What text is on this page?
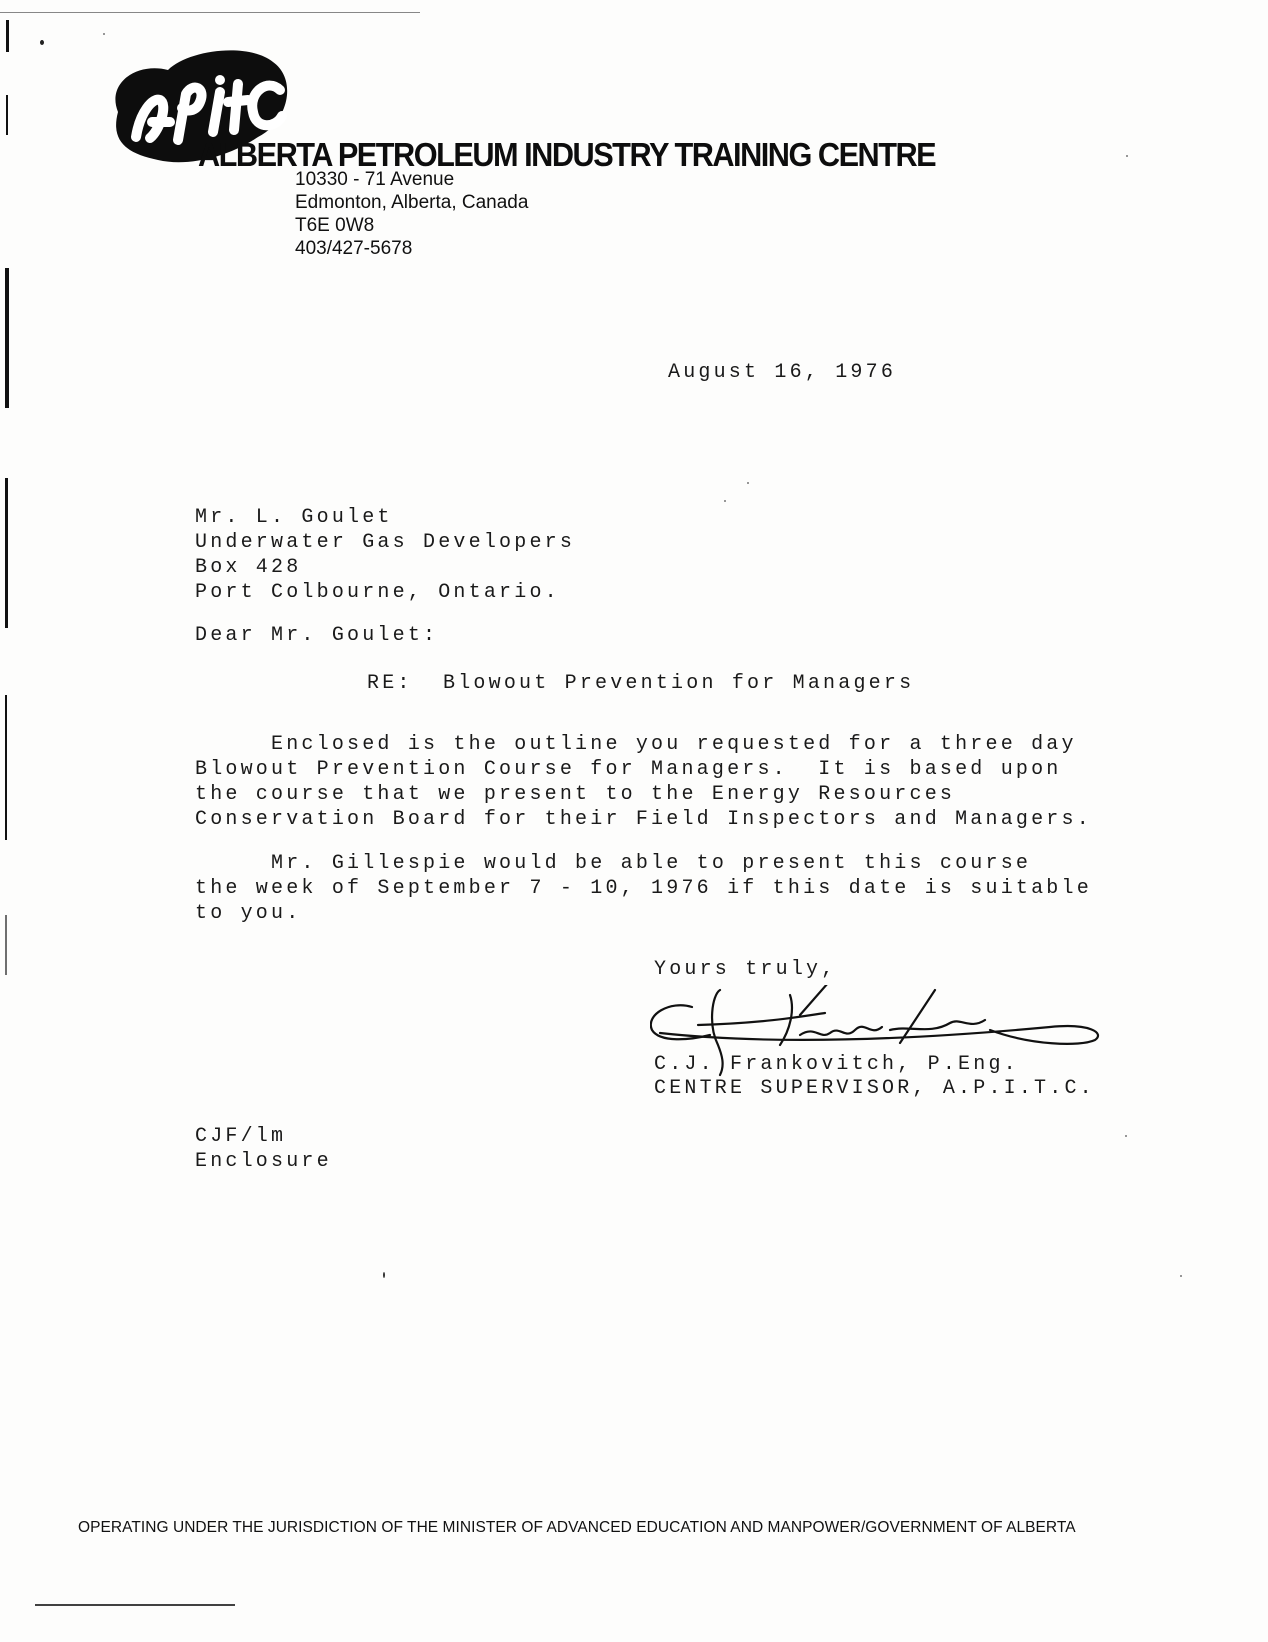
ALBERTA PETROLEUM INDUSTRY TRAINING CENTRE
10330 - 71 Avenue
Edmonton, Alberta, Canada
T6E 0W8
403/427-5678
August 16, 1976
Mr. L. Goulet
Underwater Gas Developers
Box 428
Port Colbourne, Ontario.
Dear Mr. Goulet:
RE:  Blowout Prevention for Managers
Enclosed is the outline you requested for a three day
Blowout Prevention Course for Managers.  It is based upon
the course that we present to the Energy Resources
Conservation Board for their Field Inspectors and Managers.
Mr. Gillespie would be able to present this course
the week of September 7 - 10, 1976 if this date is suitable
to you.
Yours truly,
C.J. Frankovitch, P.Eng.
CENTRE SUPERVISOR, A.P.I.T.C.
CJF/lm
Enclosure
OPERATING UNDER THE JURISDICTION OF THE MINISTER OF ADVANCED EDUCATION AND MANPOWER/GOVERNMENT OF ALBERTA
